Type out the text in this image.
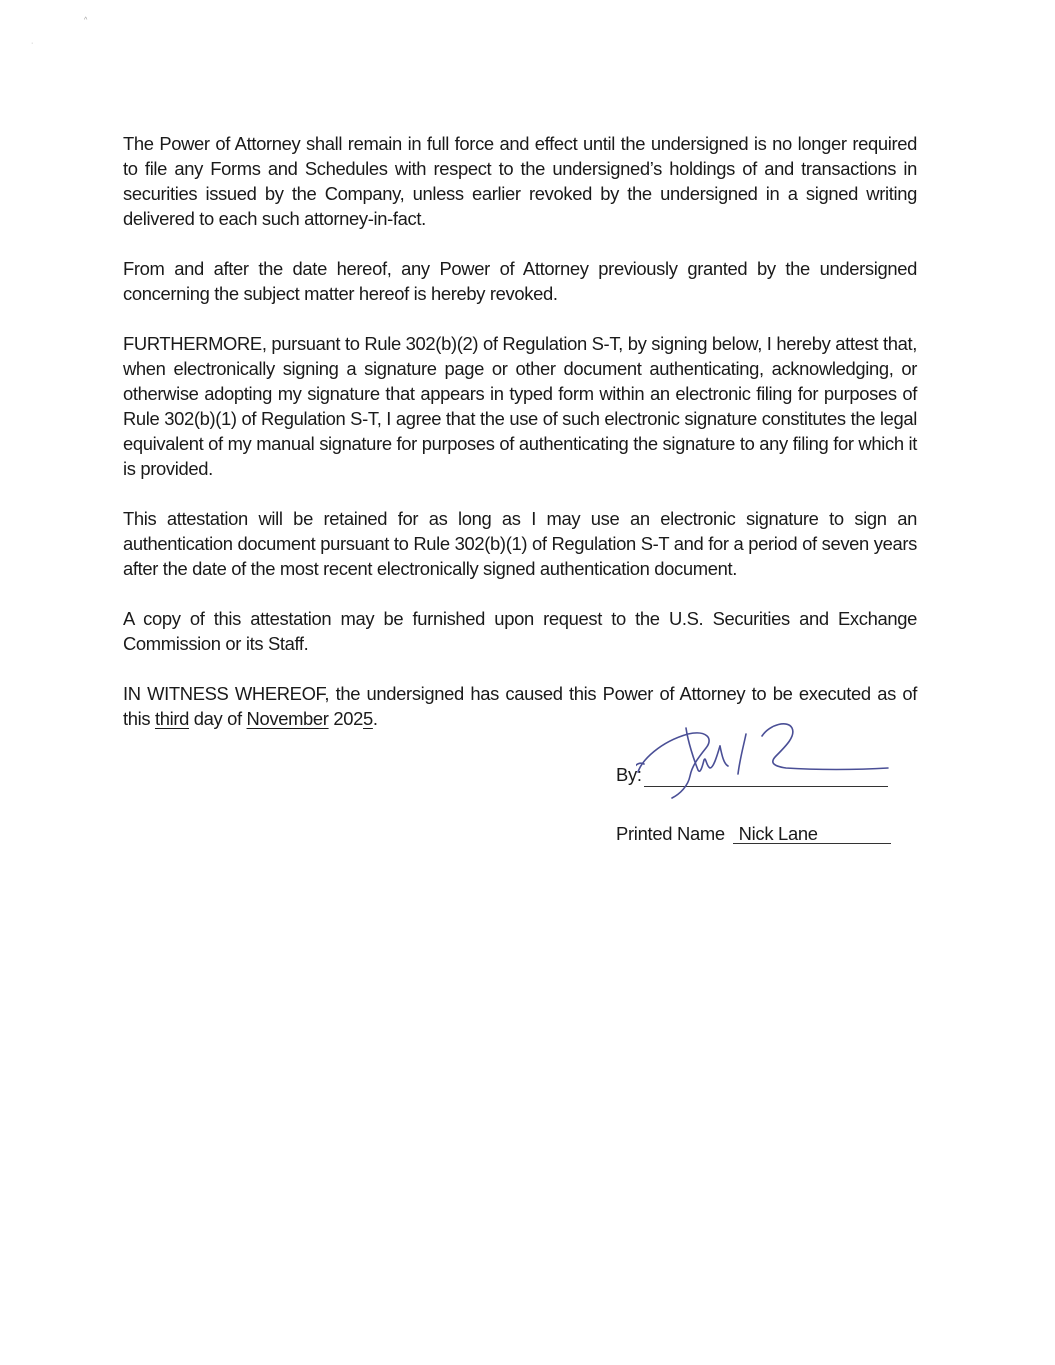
^
·

The Power of Attorney shall remain in full force and effect until the undersigned is no longer required to file any Forms and Schedules with respect to the undersigned’s holdings of and transactions in securities issued by the Company, unless earlier revoked by the undersigned in a signed writing delivered to each such attorney-in-fact.

From and after the date hereof, any Power of Attorney previously granted by the undersigned concerning the subject matter hereof is hereby revoked.

FURTHERMORE, pursuant to Rule 302(b)(2) of Regulation S-T, by signing below, I hereby attest that, when electronically signing a signature page or other document authenticating, acknowledging, or otherwise adopting my signature that appears in typed form within an electronic filing for purposes of Rule 302(b)(1) of Regulation S-T, I agree that the use of such electronic signature constitutes the legal equivalent of my manual signature for purposes of authenticating the signature to any filing for which it is provided.

This attestation will be retained for as long as I may use an electronic signature to sign an authentication document pursuant to Rule 302(b)(1) of Regulation S-T and for a period of seven years after the date of the most recent electronically signed authentication document.

A copy of this attestation may be furnished upon request to the U.S. Securities and Exchange Commission or its Staff.

IN WITNESS WHEREOF, the undersigned has caused this Power of Attorney to be executed as of this third day of November 2025.

By:
Printed Name Nick Lane
